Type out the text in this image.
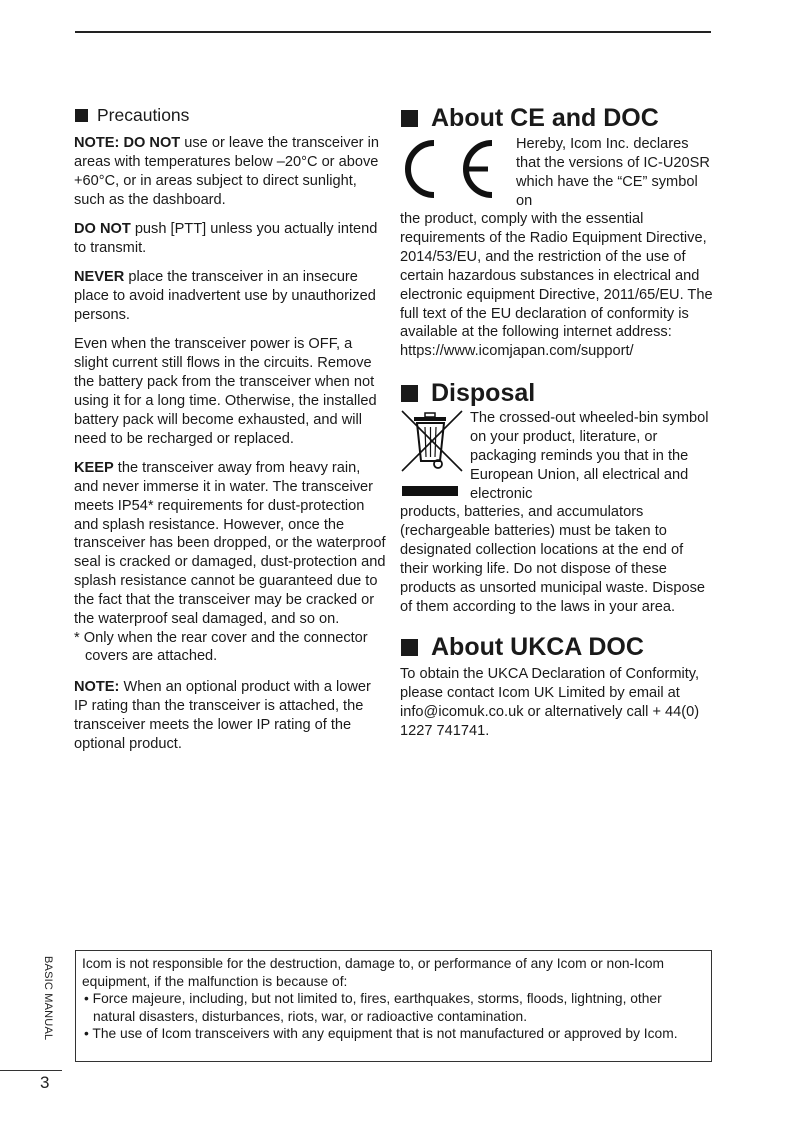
Precautions

NOTE: DO NOT use or leave the transceiver in areas with temperatures below –20°C or above +60°C, or in areas subject to direct sunlight, such as the dashboard.

DO NOT push [PTT] unless you actually intend to transmit.

NEVER place the transceiver in an insecure place to avoid inadvertent use by unauthorized persons.

Even when the transceiver power is OFF, a slight current still flows in the circuits. Remove the battery pack from the transceiver when not using it for a long time. Otherwise, the installed battery pack will become exhausted, and will need to be recharged or replaced.

KEEP the transceiver away from heavy rain, and never immerse it in water. The transceiver meets IP54* requirements for dust-protection and splash resistance. However, once the transceiver has been dropped, or the waterproof seal is cracked or damaged, dust-protection and splash resistance cannot be guaranteed due to the fact that the transceiver may be cracked or the waterproof seal damaged, and so on.

* Only when the rear cover and the connector covers are attached.

NOTE: When an optional product with a lower IP rating than the transceiver is attached, the transceiver meets the lower IP rating of the optional product.

About CE and DOC

Hereby, Icom Inc. declares that the versions of IC-U20SR which have the “CE” symbol on

the product, comply with the essential requirements of the Radio Equipment Directive, 2014/53/EU, and the restriction of the use of certain hazardous substances in electrical and electronic equipment Directive, 2011/65/EU. The full text of the EU declaration of conformity is available at the following internet address:

https://www.icomjapan.com/support/

Disposal

The crossed-out wheeled-bin symbol on your product, literature, or packaging reminds you that in the European Union, all electrical and electronic

products, batteries, and accumulators (rechargeable batteries) must be taken to designated collection locations at the end of their working life. Do not dispose of these products as unsorted municipal waste. Dispose of them according to the laws in your area.

About UKCA DOC

To obtain the UKCA Declaration of Conformity, please contact Icom UK Limited by email at info@icomuk.co.uk or alternatively call + 44(0) 1227 741741.

Icom is not responsible for the destruction, damage to, or performance of any Icom or non-Icom equipment, if the malfunction is because of:

• Force majeure, including, but not limited to, fires, earthquakes, storms, floods, lightning, other natural disasters, disturbances, riots, war, or radioactive contamination.

• The use of Icom transceivers with any equipment that is not manufactured or approved by Icom.

BASIC MANUAL
3
